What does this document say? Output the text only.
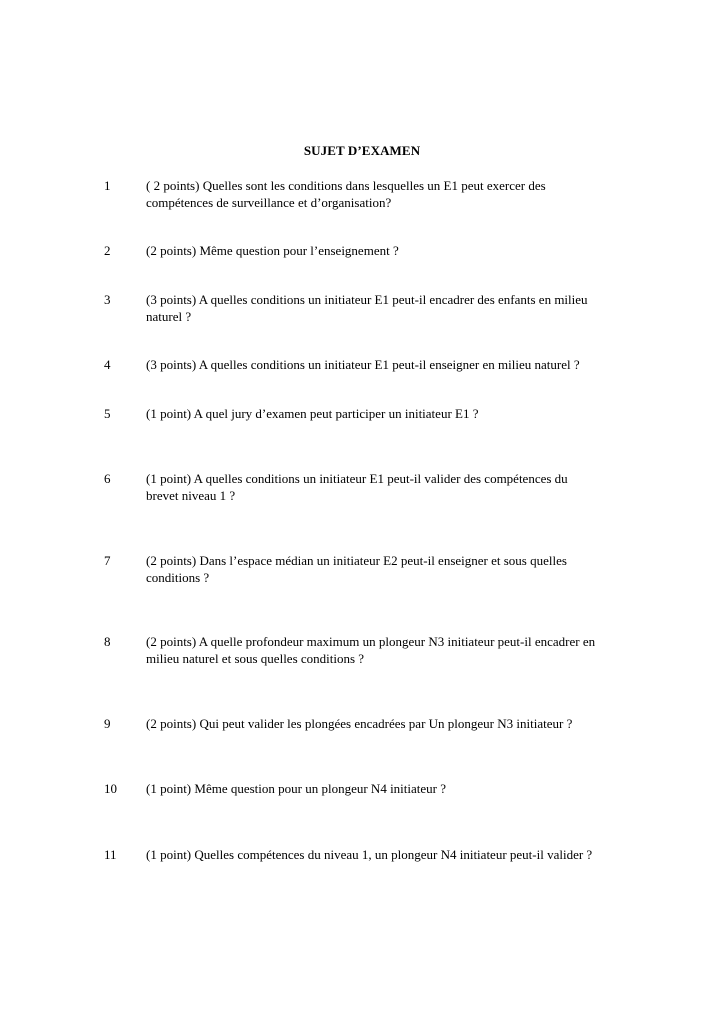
SUJET D’EXAMEN
1	( 2 points) Quelles sont les conditions dans lesquelles un E1 peut exercer des
compétences de surveillance et d’organisation?
2	(2 points) Même question pour l’enseignement ?
3	(3 points) A quelles conditions un initiateur E1 peut-il encadrer des enfants en milieu
naturel ?
4	(3 points) A quelles conditions un initiateur E1 peut-il enseigner en milieu naturel ?
5	(1 point) A quel jury d’examen peut participer un initiateur E1 ?
6	(1 point) A quelles conditions un initiateur E1 peut-il valider des compétences du
brevet niveau 1 ?
7	(2 points) Dans l’espace médian un initiateur E2 peut-il enseigner et sous quelles
conditions ?
8	(2 points) A quelle profondeur maximum un plongeur N3 initiateur peut-il encadrer en
milieu naturel et sous quelles conditions ?
9	(2 points) Qui peut valider les plongées encadrées par Un plongeur N3 initiateur ?
10 (1 point) Même question pour un plongeur N4 initiateur ?
11 (1 point) Quelles compétences du niveau 1, un plongeur N4 initiateur peut-il valider ?
